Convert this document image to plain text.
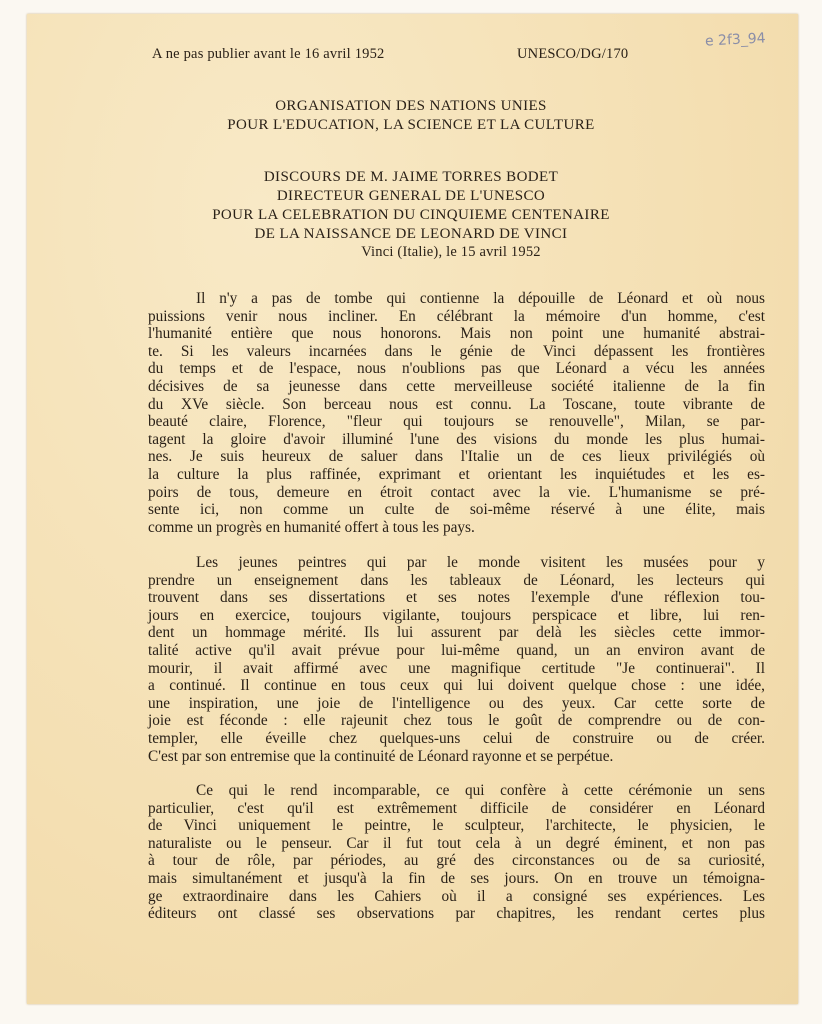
A ne pas publier avant le 16 avril 1952	UNESCO/DG/170
e 2f3_94
ORGANISATION DES NATIONS UNIES
POUR L'EDUCATION, LA SCIENCE ET LA CULTURE
DISCOURS DE M. JAIME TORRES BODET
DIRECTEUR GENERAL DE L'UNESCO
POUR LA CELEBRATION DU CINQUIEME CENTENAIRE
DE LA NAISSANCE DE LEONARD DE VINCI
Vinci (Italie), le 15 avril 1952
Il n'y a pas de tombe qui contienne la dépouille de Léonard et où nous
puissions venir nous incliner. En célébrant la mémoire d'un homme, c'est
l'humanité entière que nous honorons. Mais non point une humanité abstrai-
te. Si les valeurs incarnées dans le génie de Vinci dépassent les frontières
du temps et de l'espace, nous n'oublions pas que Léonard a vécu les années
décisives de sa jeunesse dans cette merveilleuse société italienne de la fin
du XVe siècle. Son berceau nous est connu. La Toscane, toute vibrante de
beauté claire, Florence, "fleur qui toujours se renouvelle", Milan, se par-
tagent la gloire d'avoir illuminé l'une des visions du monde les plus humai-
nes. Je suis heureux de saluer dans l'Italie un de ces lieux privilégiés où
la culture la plus raffinée, exprimant et orientant les inquiétudes et les es-
poirs de tous, demeure en étroit contact avec la vie. L'humanisme se pré-
sente ici, non comme un culte de soi-même réservé à une élite, mais
comme un progrès en humanité offert à tous les pays.
Les jeunes peintres qui par le monde visitent les musées pour y
prendre un enseignement dans les tableaux de Léonard, les lecteurs qui
trouvent dans ses dissertations et ses notes l'exemple d'une réflexion tou-
jours en exercice, toujours vigilante, toujours perspicace et libre, lui ren-
dent un hommage mérité. Ils lui assurent par delà les siècles cette immor-
talité active qu'il avait prévue pour lui-même quand, un an environ avant de
mourir, il avait affirmé avec une magnifique certitude "Je continuerai". Il
a continué. Il continue en tous ceux qui lui doivent quelque chose : une idée,
une inspiration, une joie de l'intelligence ou des yeux. Car cette sorte de
joie est féconde : elle rajeunit chez tous le goût de comprendre ou de con-
templer, elle éveille chez quelques-uns celui de construire ou de créer.
C'est par son entremise que la continuité de Léonard rayonne et se perpétue.
Ce qui le rend incomparable, ce qui confère à cette cérémonie un sens
particulier, c'est qu'il est extrêmement difficile de considérer en Léonard
de Vinci uniquement le peintre, le sculpteur, l'architecte, le physicien, le
naturaliste ou le penseur. Car il fut tout cela à un degré éminent, et non pas
à tour de rôle, par périodes, au gré des circonstances ou de sa curiosité,
mais simultanément et jusqu'à la fin de ses jours. On en trouve un témoigna-
ge extraordinaire dans les Cahiers où il a consigné ses expériences. Les
éditeurs ont classé ses observations par chapitres, les rendant certes plus
